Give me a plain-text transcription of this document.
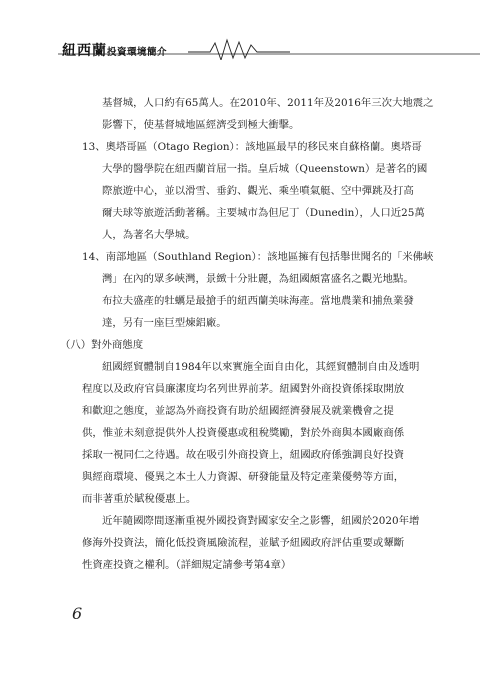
紐西蘭投資環境簡介
基督城，人口約有65萬人。在2010年、2011年及2016年三次大地震之
影響下，使基督城地區經濟受到極大衝擊。
13、奧塔哥區（Otago Region）：該地區最早的移民來自蘇格蘭。奧塔哥
大學的醫學院在紐西蘭首屈一指。皇后城（Queenstown）是著名的國
際旅遊中心，並以滑雪、垂釣、觀光、乘坐噴氣艇、空中彈跳及打高
爾夫球等旅遊活動著稱。主要城市為但尼丁（Dunedin），人口近25萬
人，為著名大學城。
14、南部地區（Southland Region）：該地區擁有包括舉世聞名的「米佛峽
灣」在內的眾多峽灣，景緻十分壯麗，為紐國頗富盛名之觀光地點。
布拉夫盛產的牡蠣是最搶手的紐西蘭美味海產。當地農業和捕魚業發
達，另有一座巨型煉鋁廠。
（八）對外商態度
紐國經貿體制自1984年以來實施全面自由化，其經貿體制自由及透明
程度以及政府官員廉潔度均名列世界前茅。紐國對外商投資係採取開放
和歡迎之態度，並認為外商投資有助於紐國經濟發展及就業機會之提
供，惟並未刻意提供外人投資優惠或租稅獎勵，對於外商與本國廠商係
採取一視同仁之待遇。故在吸引外商投資上，紐國政府係強調良好投資
與經商環境、優異之本土人力資源、研發能量及特定產業優勢等方面，
而非著重於賦稅優惠上。
近年隨國際間逐漸重視外國投資對國家安全之影響，紐國於2020年增
修海外投資法，簡化低投資風險流程，並賦予紐國政府評估重要或顰斷
性資產投資之權利。（詳細規定請參考第4章）
6
